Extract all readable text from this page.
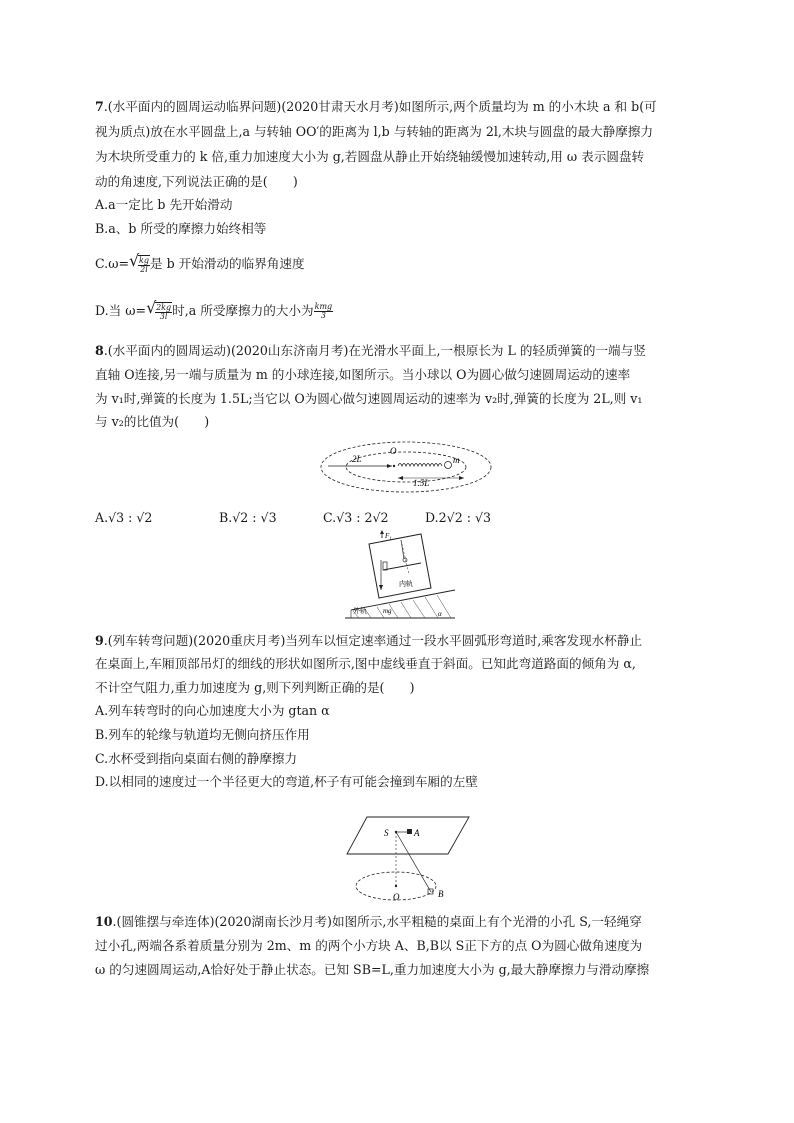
7.(水平面内的圆周运动临界问题)(2020甘肃天水月考)如图所示,两个质量均为 m 的小木块 a 和 b(可
视为质点)放在水平圆盘上,a 与转轴 OO′的距离为 l,b 与转轴的距离为 2l,木块与圆盘的最大静摩擦力
为木块所受重力的 k 倍,重力加速度大小为 g,若圆盘从静止开始绕轴缓慢加速转动,用 ω 表示圆盘转
动的角速度,下列说法正确的是(　　)
A.a一定比 b 先开始滑动
B.a、b 所受的摩擦力始终相等
C.ω= √
$\frac{kg}{2l}$ 是 b 开始滑动的临界角速度
D.当 ω= √
$\frac{2kg}{3l}$ 时,a 所受摩擦力的大小为 $\frac{\text{kmg}}{3}$
8.(水平面内的圆周运动)(2020山东济南月考)在光滑水平面上,一根原长为 L 的轻质弹簧的一端与竖
直轴 O连接,另一端与质量为 m 的小球连接,如图所示。当小球以 O为圆心做匀速圆周运动的速率
为 v₁时,弹簧的长度为 1.5L;当它以 O为圆心做匀速圆周运动的速率为 v₂时,弹簧的长度为 2L,则 v₁
与 v₂的比值为(　　)
2L
O
m
1.5L
A.√3 : √2	B.√2 : √3	C.√3 : 2√2	D.2√2 : √3
F₁
内轨
外轨 mg	α
9.(列车转弯问题)(2020重庆月考)当列车以恒定速率通过一段水平圆弧形弯道时,乘客发现水杯静止
在桌面上,车厢顶部吊灯的细线的形状如图所示,图中虚线垂直于斜面。已知此弯道路面的倾角为 α,
不计空气阻力,重力加速度为 g,则下列判断正确的是(　　)
A.列车转弯时的向心加速度大小为 gtan α
B.列车的轮缘与轨道均无侧向挤压作用
C.水杯受到指向桌面右侧的静摩擦力
D.以相同的速度过一个半径更大的弯道,杯子有可能会撞到车厢的左壁
S	A
O	B
10.(圆锥摆与牵连体)(2020湖南长沙月考)如图所示,水平粗糙的桌面上有个光滑的小孔 S,一轻绳穿
过小孔,两端各系着质量分别为 2m、m 的两个小方块 A、B,B以 S正下方的点 O为圆心做角速度为
ω 的匀速圆周运动,A恰好处于静止状态。已知 SB=L,重力加速度大小为 g,最大静摩擦力与滑动摩擦
